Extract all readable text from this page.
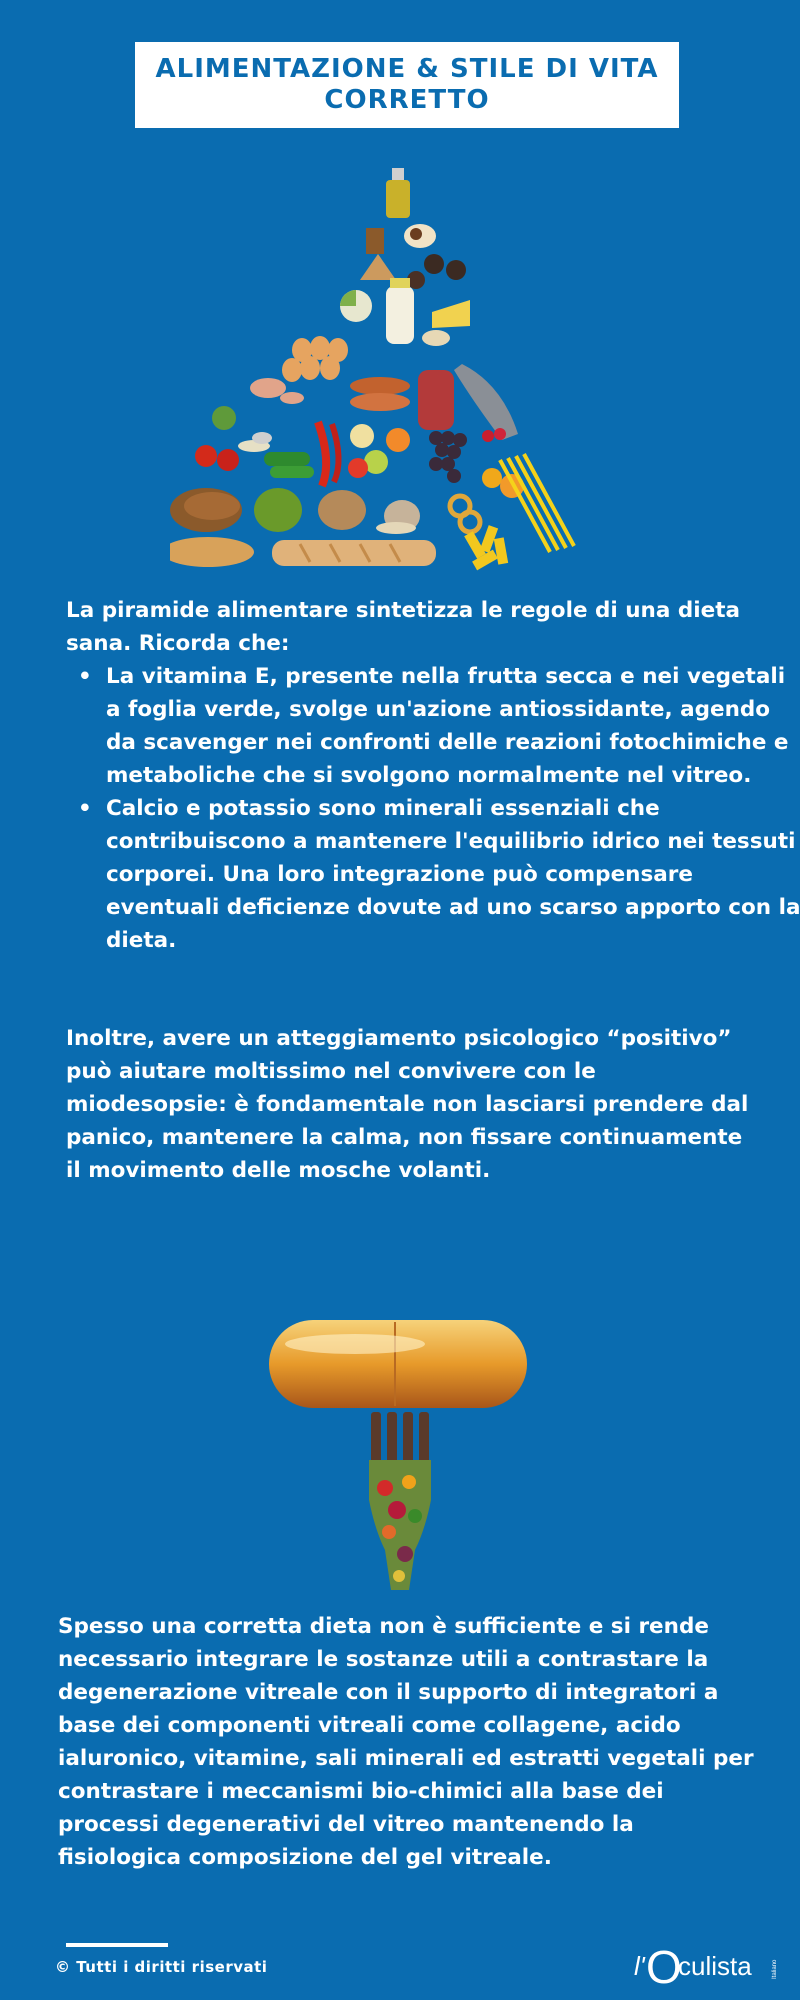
ALIMENTAZIONE & STILE DI VITA
CORRETTO
La piramide alimentare sintetizza le regole di una dieta sana. Ricorda che:
• La vitamina E, presente nella frutta secca e nei vegetali a foglia verde, svolge un'azione antiossidante, agendo da scavenger nei confronti delle reazioni fotochimiche e metaboliche che si svolgono normalmente nel vitreo.
• Calcio e potassio sono minerali essenziali che contribuiscono a mantenere l'equilibrio idrico nei tessuti corporei. Una loro integrazione può compensare eventuali deficienze dovute ad uno scarso apporto con la dieta.
Inoltre, avere un atteggiamento psicologico “positivo” può aiutare moltissimo nel convivere con le miodesopsie: è fondamentale non lasciarsi prendere dal panico, mantenere la calma, non fissare continuamente il movimento delle mosche volanti.
Spesso una corretta dieta non è sufficiente e si rende necessario integrare le sostanze utili a contrastare la degenerazione vitreale con il supporto di integratori a base dei componenti vitreali come collagene, acido ialuronico, vitamine, sali minerali ed estratti vegetali per contrastare i meccanismi bio-chimici alla base dei processi degenerativi del vitreo mantenendo la fisiologica composizione del gel vitreale.
© Tutti i diritti riservati	l' O
culista	Italiano
